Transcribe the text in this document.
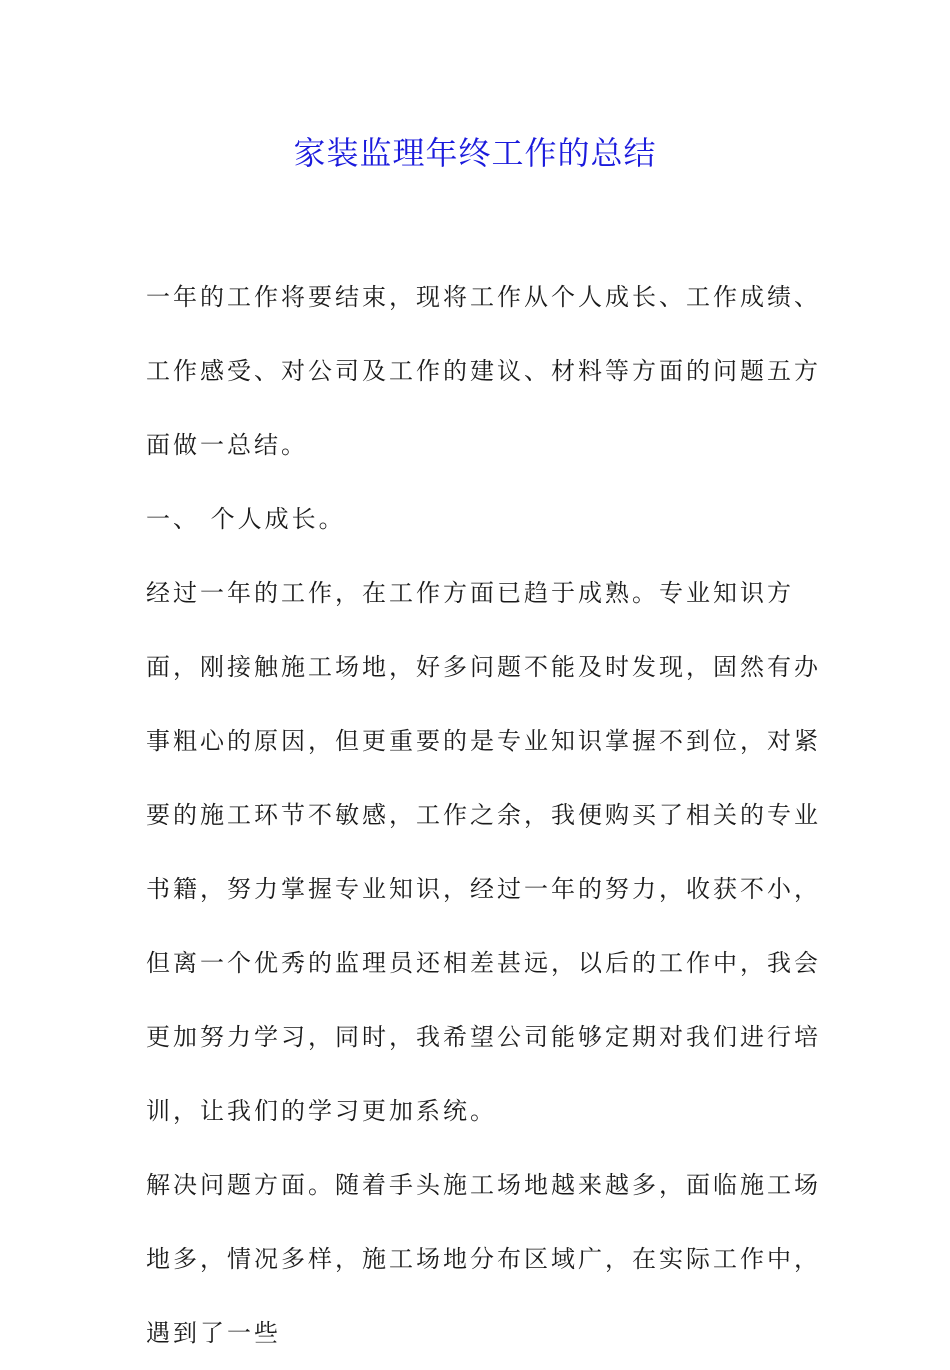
家装监理年终工作的总结

一年的工作将要结束，现将工作从个人成长、工作成绩、工作感受、对公司及工作的建议、材料等方面的问题五方面做一总结。

一、 个人成长。

经过一年的工作，在工作方面已趋于成熟。专业知识方面，刚接触施工场地，好多问题不能及时发现，固然有办事粗心的原因，但更重要的是专业知识掌握不到位，对紧要的施工环节不敏感，工作之余，我便购买了相关的专业书籍，努力掌握专业知识，经过一年的努力，收获不小，但离一个优秀的监理员还相差甚远，以后的工作中，我会更加努力学习，同时，我希望公司能够定期对我们进行培训，让我们的学习更加系统。

解决问题方面。随着手头施工场地越来越多，面临施工场地多，情况多样，施工场地分布区域广，在实际工作中，遇到了一些
